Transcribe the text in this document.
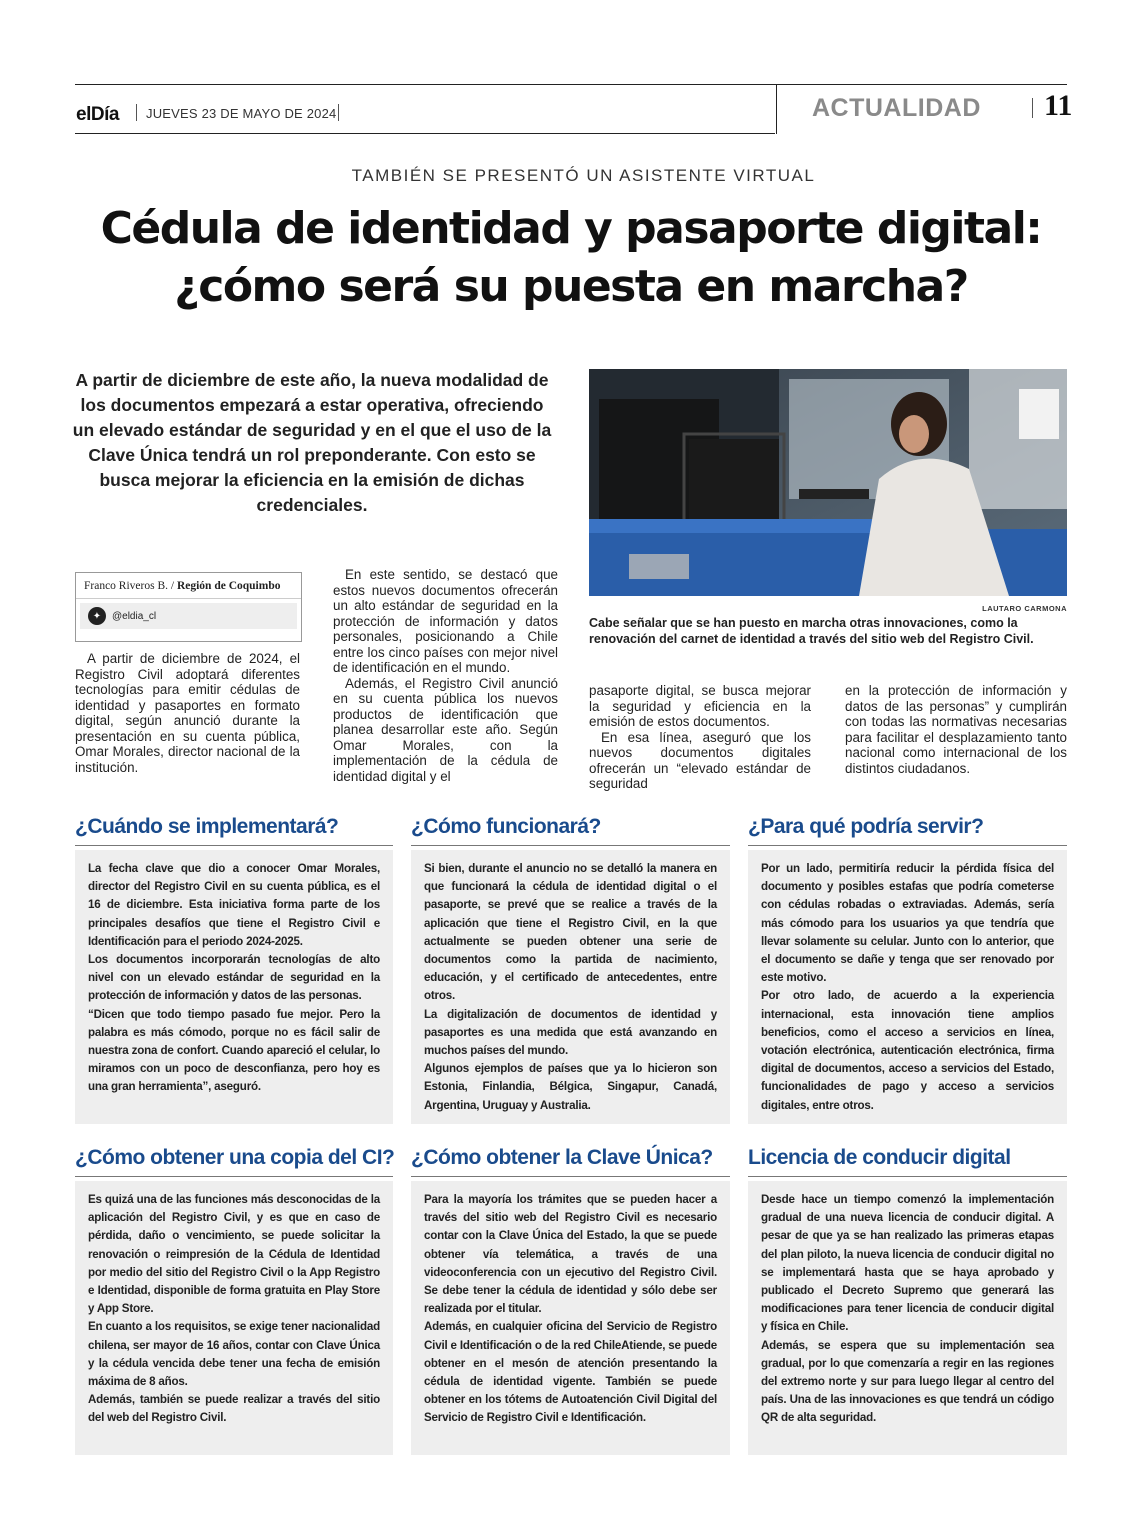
elDía JUEVES 23 DE MAYO DE 2024	ACTUALIDAD 11
TAMBIÉN SE PRESENTÓ UN ASISTENTE VIRTUAL
Cédula de identidad y pasaporte digital:
¿cómo será su puesta en marcha?
A partir de diciembre de este año, la nueva modalidad de los documentos empezará a estar operativa, ofreciendo un elevado estándar de seguridad y en el que el uso de la Clave Única tendrá un rol preponderante. Con esto se busca mejorar la eficiencia en la emisión de dichas credenciales.
LAUTARO CARMONA
Cabe señalar que se han puesto en marcha otras innovaciones, como la renovación del carnet de identidad a través del sitio web del Registro Civil.
Franco Riveros B. / Región de Coquimbo
✦	@eldia_cl

A partir de diciembre de 2024, el Registro Civil adoptará diferentes tecnologías para emitir cédulas de identidad y pasaportes en formato digital, según anunció durante la presentación en su cuenta pública, Omar Morales, director nacional de la institución.

En este sentido, se destacó que estos nuevos documentos ofrecerán un alto estándar de seguridad en la protección de información y datos personales, posicionando a Chile entre los cinco países con mejor nivel de identificación en el mundo.

Además, el Registro Civil anunció en su cuenta pública los nuevos productos de identificación que planea desarrollar este año. Según Omar Morales, con la implementación de la cédula de identidad digital y el

pasaporte digital, se busca mejorar la seguridad y eficiencia en la emisión de estos documentos.

En esa línea, aseguró que los nuevos documentos digitales ofrecerán un “elevado estándar de seguridad

en la protección de información y datos de las personas” y cumplirán con todas las normativas necesarias para facilitar el desplazamiento tanto nacional como internacional de los distintos ciudadanos.

¿Cuándo se implementará?

La fecha clave que dio a conocer Omar Morales, director del Registro Civil en su cuenta pública, es el 16 de diciembre. Esta iniciativa forma parte de los principales desafíos que tiene el Registro Civil e Identificación para el periodo 2024-2025.

Los documentos incorporarán tecnologías de alto nivel con un elevado estándar de seguridad en la protección de información y datos de las personas.

“Dicen que todo tiempo pasado fue mejor. Pero la palabra es más cómodo, porque no es fácil salir de nuestra zona de confort. Cuando apareció el celular, lo miramos con un poco de desconfianza, pero hoy es una gran herramienta”, aseguró.

¿Cómo funcionará?

Si bien, durante el anuncio no se detalló la manera en que funcionará la cédula de identidad digital o el pasaporte, se prevé que se realice a través de la aplicación que tiene el Registro Civil, en la que actualmente se pueden obtener una serie de documentos como la partida de nacimiento, educación, y el certificado de antecedentes, entre otros.

La digitalización de documentos de identidad y pasaportes es una medida que está avanzando en muchos países del mundo.

Algunos ejemplos de países que ya lo hicieron son Estonia, Finlandia, Bélgica, Singapur, Canadá, Argentina, Uruguay y Australia.

¿Para qué podría servir?

Por un lado, permitiría reducir la pérdida física del documento y posibles estafas que podría cometerse con cédulas robadas o extraviadas. Además, sería más cómodo para los usuarios ya que tendría que llevar solamente su celular. Junto con lo anterior, que el documento se dañe y tenga que ser renovado por este motivo.

Por otro lado, de acuerdo a la experiencia internacional, esta innovación tiene amplios beneficios, como el acceso a servicios en línea, votación electrónica, autenticación electrónica, firma digital de documentos, acceso a servicios del Estado, funcionalidades de pago y acceso a servicios digitales, entre otros.

¿Cómo obtener una copia del CI?

Es quizá una de las funciones más desconocidas de la aplicación del Registro Civil, y es que en caso de pérdida, daño o vencimiento, se puede solicitar la renovación o reimpresión de la Cédula de Identidad por medio del sitio del Registro Civil o la App Registro e Identidad, disponible de forma gratuita en Play Store y App Store.

En cuanto a los requisitos, se exige tener nacionalidad chilena, ser mayor de 16 años, contar con Clave Única y la cédula vencida debe tener una fecha de emisión máxima de 8 años.

Además, también se puede realizar a través del sitio del web del Registro Civil.

¿Cómo obtener la Clave Única?

Para la mayoría los trámites que se pueden hacer a través del sitio web del Registro Civil es necesario contar con la Clave Única del Estado, la que se puede obtener vía telemática, a través de una videoconferencia con un ejecutivo del Registro Civil. Se debe tener la cédula de identidad y sólo debe ser realizada por el titular.

Además, en cualquier oficina del Servicio de Registro Civil e Identificación o de la red ChileAtiende, se puede obtener en el mesón de atención presentando la cédula de identidad vigente. También se puede obtener en los tótems de Autoatención Civil Digital del Servicio de Registro Civil e Identificación.

Licencia de conducir digital

Desde hace un tiempo comenzó la implementación gradual de una nueva licencia de conducir digital. A pesar de que ya se han realizado las primeras etapas del plan piloto, la nueva licencia de conducir digital no se implementará hasta que se haya aprobado y publicado el Decreto Supremo que generará las modificaciones para tener licencia de conducir digital y física en Chile.

Además, se espera que su implementación sea gradual, por lo que comenzaría a regir en las regiones del extremo norte y sur para luego llegar al centro del país. Una de las innovaciones es que tendrá un código QR de alta seguridad.
